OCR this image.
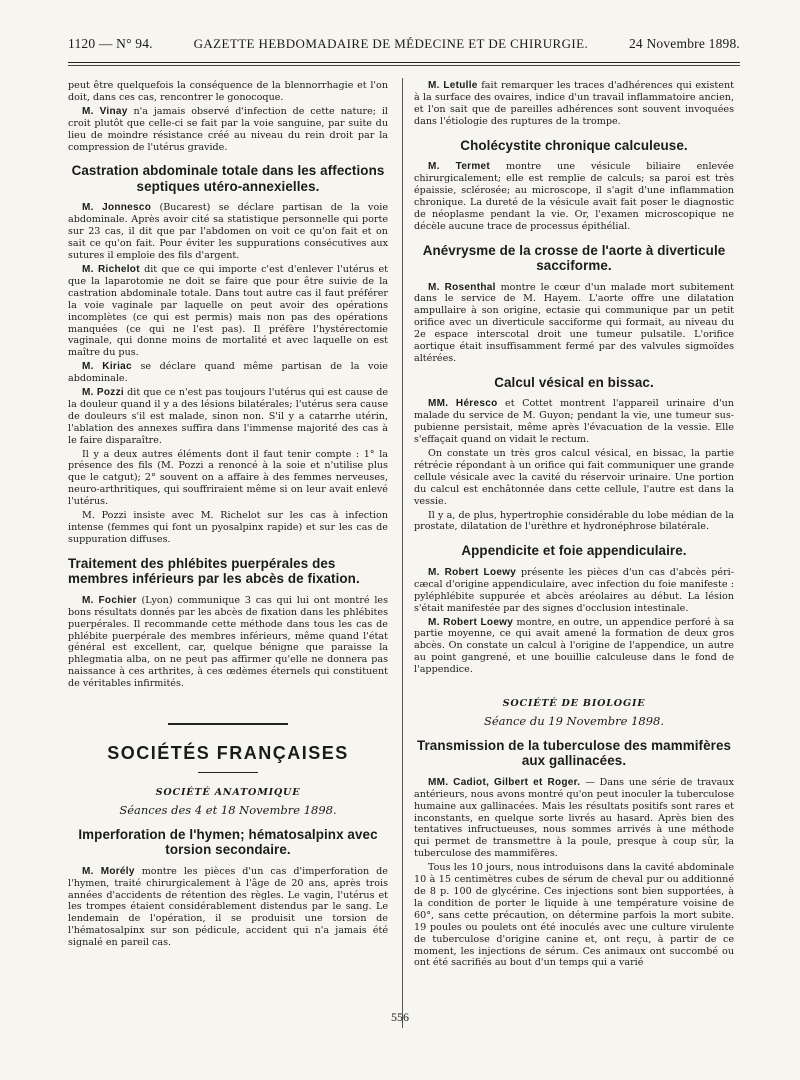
1120 — N° 94.	GAZETTE HEBDOMADAIRE DE MÉDECINE ET DE CHIRURGIE.	24 Novembre 1898.

peut être quelquefois la conséquence de la blennorrhagie et l'on doit, dans ces cas, rencontrer le gonocoque.

M. Vinay n'a jamais observé d'infection de cette nature; il croit plutôt que celle-ci se fait par la voie sanguine, par suite du lieu de moindre résistance créé au niveau du rein droit par la compression de l'utérus gravide.

Castration abdominale totale dans les affections septiques utéro-annexielles.

M. Jonnesco (Bucarest) se déclare partisan de la voie abdominale. Après avoir cité sa statistique personnelle qui porte sur 23 cas, il dit que par l'abdomen on voit ce qu'on fait et on sait ce qu'on fait. Pour éviter les suppurations consécutives aux sutures il emploie des fils d'argent.

M. Richelot dit que ce qui importe c'est d'enlever l'utérus et que la laparotomie ne doit se faire que pour être suivie de la castration abdominale totale. Dans tout autre cas il faut préférer la voie vaginale par laquelle on peut avoir des opérations incomplètes (ce qui est permis) mais non pas des opérations manquées (ce qui ne l'est pas). Il préfère l'hystérectomie vaginale, qui donne moins de mortalité et avec laquelle on est maître du pus.

M. Kiriac se déclare quand même partisan de la voie abdominale.

M. Pozzi dit que ce n'est pas toujours l'utérus qui est cause de la douleur quand il y a des lésions bilatérales; l'utérus sera cause de douleurs s'il est malade, sinon non. S'il y a catarrhe utérin, l'ablation des annexes suffira dans l'immense majorité des cas à le faire disparaître.

Il y a deux autres éléments dont il faut tenir compte : 1° la présence des fils (M. Pozzi a renoncé à la soie et n'utilise plus que le catgut); 2° souvent on a affaire à des femmes nerveuses, neuro-arthritiques, qui souffriraient même si on leur avait enlevé l'utérus.

M. Pozzi insiste avec M. Richelot sur les cas à infection intense (femmes qui font un pyosalpinx rapide) et sur les cas de suppuration diffuses.

Traitement des phlébites puerpérales des membres inférieurs par les abcès de fixation.

M. Fochier (Lyon) communique 3 cas qui lui ont montré les bons résultats donnés par les abcès de fixation dans les phlébites puerpérales. Il recommande cette méthode dans tous les cas de phlébite puerpérale des membres inférieurs, même quand l'état général est excellent, car, quelque bénigne que paraisse la phlegmatia alba, on ne peut pas affirmer qu'elle ne donnera pas naissance à ces arthrites, à ces œdèmes éternels qui constituent de véritables infirmités.

SOCIÉTÉS FRANÇAISES
SOCIÉTÉ ANATOMIQUE
Séances des 4 et 18 Novembre 1898.
Imperforation de l'hymen; hématosalpinx avec torsion secondaire.

M. Morély montre les pièces d'un cas d'imperforation de l'hymen, traité chirurgicalement à l'âge de 20 ans, après trois années d'accidents de rétention des règles. Le vagin, l'utérus et les trompes étaient considérablement distendus par le sang. Le lendemain de l'opération, il se produisit une torsion de l'hématosalpinx sur son pédicule, accident qui n'a jamais été signalé en pareil cas.

M. Letulle fait remarquer les traces d'adhérences qui existent à la surface des ovaires, indice d'un travail inflammatoire ancien, et l'on sait que de pareilles adhérences sont souvent invoquées dans l'étiologie des ruptures de la trompe.

Cholécystite chronique calculeuse.

M. Termet montre une vésicule biliaire enlevée chirurgicalement; elle est remplie de calculs; sa paroi est très épaissie, sclérosée; au microscope, il s'agit d'une inflammation chronique. La dureté de la vésicule avait fait poser le diagnostic de néoplasme pendant la vie. Or, l'examen microscopique ne décèle aucune trace de processus épithélial.

Anévrysme de la crosse de l'aorte à diverticule sacciforme.

M. Rosenthal montre le cœur d'un malade mort subitement dans le service de M. Hayem. L'aorte offre une dilatation ampullaire à son origine, ectasie qui communique par un petit orifice avec un diverticule sacciforme qui formait, au niveau du 2e espace interscotal droit une tumeur pulsatile. L'orifice aortique était insuffisamment fermé par des valvules sigmoïdes altérées.

Calcul vésical en bissac.

MM. Héresco et Cottet montrent l'appareil urinaire d'un malade du service de M. Guyon; pendant la vie, une tumeur sus-pubienne persistait, même après l'évacuation de la vessie. Elle s'effaçait quand on vidait le rectum.

On constate un très gros calcul vésical, en bissac, la partie rétrécie répondant à un orifice qui fait communiquer une grande cellule vésicale avec la cavité du réservoir urinaire. Une portion du calcul est enchâtonnée dans cette cellule, l'autre est dans la vessie.

Il y a, de plus, hypertrophie considérable du lobe médian de la prostate, dilatation de l'urèthre et hydronéphrose bilatérale.

Appendicite et foie appendiculaire.

M. Robert Loewy présente les pièces d'un cas d'abcès péri-cæcal d'origine appendiculaire, avec infection du foie manifeste : pyléphlébite suppurée et abcès aréolaires au début. La lésion s'était manifestée par des signes d'occlusion intestinale.

M. Robert Loewy montre, en outre, un appendice perforé à sa partie moyenne, ce qui avait amené la formation de deux gros abcès. On constate un calcul à l'origine de l'appendice, un autre au point gangrené, et une bouillie calculeuse dans le fond de l'appendice.

SOCIÉTÉ DE BIOLOGIE
Séance du 19 Novembre 1898.
Transmission de la tuberculose des mammifères aux gallinacées.

MM. Cadiot, Gilbert et Roger. — Dans une série de travaux antérieurs, nous avons montré qu'on peut inoculer la tuberculose humaine aux gallinacées. Mais les résultats positifs sont rares et inconstants, en quelque sorte livrés au hasard. Après bien des tentatives infructueuses, nous sommes arrivés à une méthode qui permet de transmettre à la poule, presque à coup sûr, la tuberculose des mammifères.

Tous les 10 jours, nous introduisons dans la cavité abdominale 10 à 15 centimètres cubes de sérum de cheval pur ou additionné de 8 p. 100 de glycérine. Ces injections sont bien supportées, à la condition de porter le liquide à une température voisine de 60°, sans cette précaution, on détermine parfois la mort subite. 19 poules ou poulets ont été inoculés avec une culture virulente de tuberculose d'origine canine et, ont reçu, à partir de ce moment, les injections de sérum. Ces animaux ont succombé ou ont été sacrifiés au bout d'un temps qui a varié

556
